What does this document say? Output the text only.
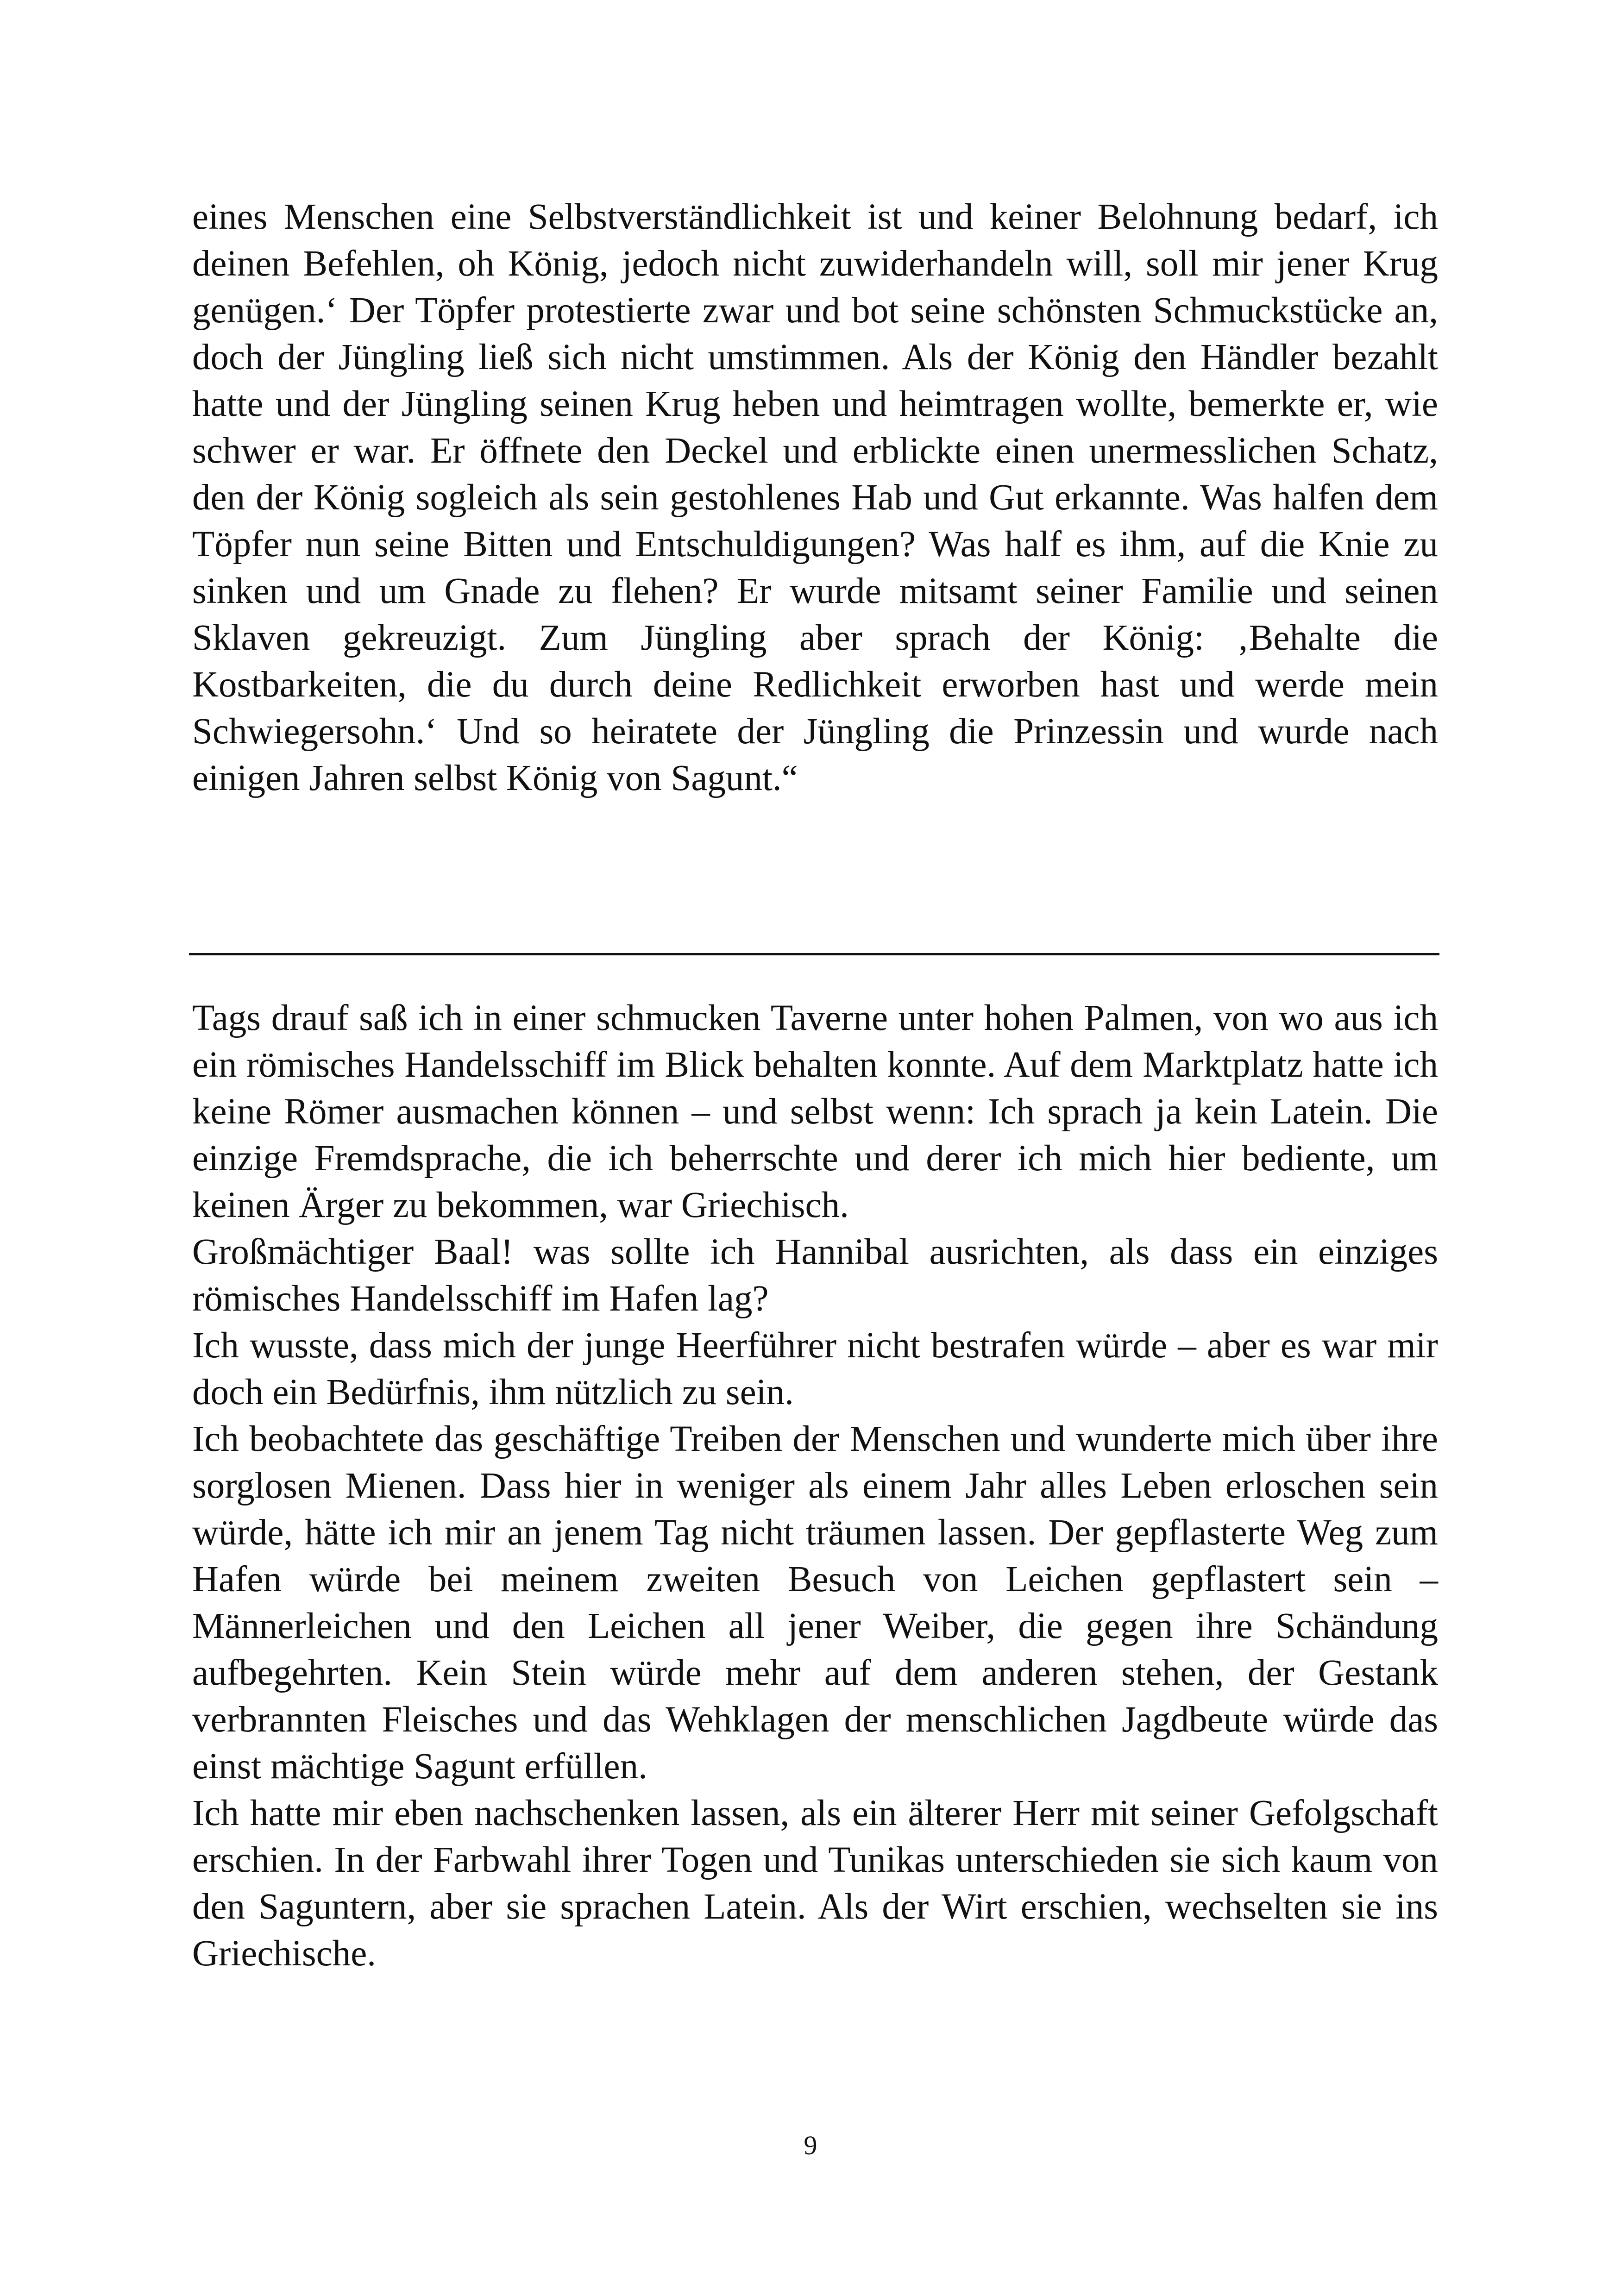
eines Menschen eine Selbstverständlichkeit ist und keiner Belohnung bedarf, ich deinen Befehlen, oh König, jedoch nicht zuwiderhandeln will, soll mir jener Krug genügen.‘ Der Töpfer protestierte zwar und bot seine schönsten Schmuckstücke an, doch der Jüngling ließ sich nicht umstimmen. Als der König den Händler bezahlt hatte und der Jüngling seinen Krug heben und heimtragen wollte, bemerkte er, wie schwer er war. Er öffnete den Deckel und erblickte einen unermesslichen Schatz, den der König sogleich als sein gestohlenes Hab und Gut erkannte. Was halfen dem Töpfer nun seine Bitten und Entschuldigungen? Was half es ihm, auf die Knie zu sinken und um Gnade zu flehen? Er wurde mitsamt seiner Familie und seinen Sklaven gekreuzigt. Zum Jüngling aber sprach der König: ‚Behalte die Kostbarkeiten, die du durch deine Redlichkeit erworben hast und werde mein Schwiegersohn.‘ Und so heiratete der Jüngling die Prinzessin und wurde nach einigen Jahren selbst König von Sagunt.“

Tags drauf saß ich in einer schmucken Taverne unter hohen Palmen, von wo aus ich ein römisches Handelsschiff im Blick behalten konnte. Auf dem Marktplatz hatte ich keine Römer ausmachen können – und selbst wenn: Ich sprach ja kein Latein. Die einzige Fremdsprache, die ich beherrschte und derer ich mich hier bediente, um keinen Ärger zu bekommen, war Griechisch.

Großmächtiger Baal! was sollte ich Hannibal ausrichten, als dass ein einziges römisches Handelsschiff im Hafen lag?

Ich wusste, dass mich der junge Heerführer nicht bestrafen würde – aber es war mir doch ein Bedürfnis, ihm nützlich zu sein.

Ich beobachtete das geschäftige Treiben der Menschen und wunderte mich über ihre sorglosen Mienen. Dass hier in weniger als einem Jahr alles Leben erloschen sein würde, hätte ich mir an jenem Tag nicht träumen lassen. Der gepflasterte Weg zum Hafen würde bei meinem zweiten Besuch von Leichen gepflastert sein – Männerleichen und den Leichen all jener Weiber, die gegen ihre Schändung aufbegehrten. Kein Stein würde mehr auf dem anderen stehen, der Gestank verbrannten Fleisches und das Wehklagen der menschlichen Jagdbeute würde das einst mächtige Sagunt erfüllen.

Ich hatte mir eben nachschenken lassen, als ein älterer Herr mit seiner Gefolgschaft erschien. In der Farbwahl ihrer Togen und Tunikas unterschieden sie sich kaum von den Saguntern, aber sie sprachen Latein. Als der Wirt erschien, wechselten sie ins Griechische.

9
